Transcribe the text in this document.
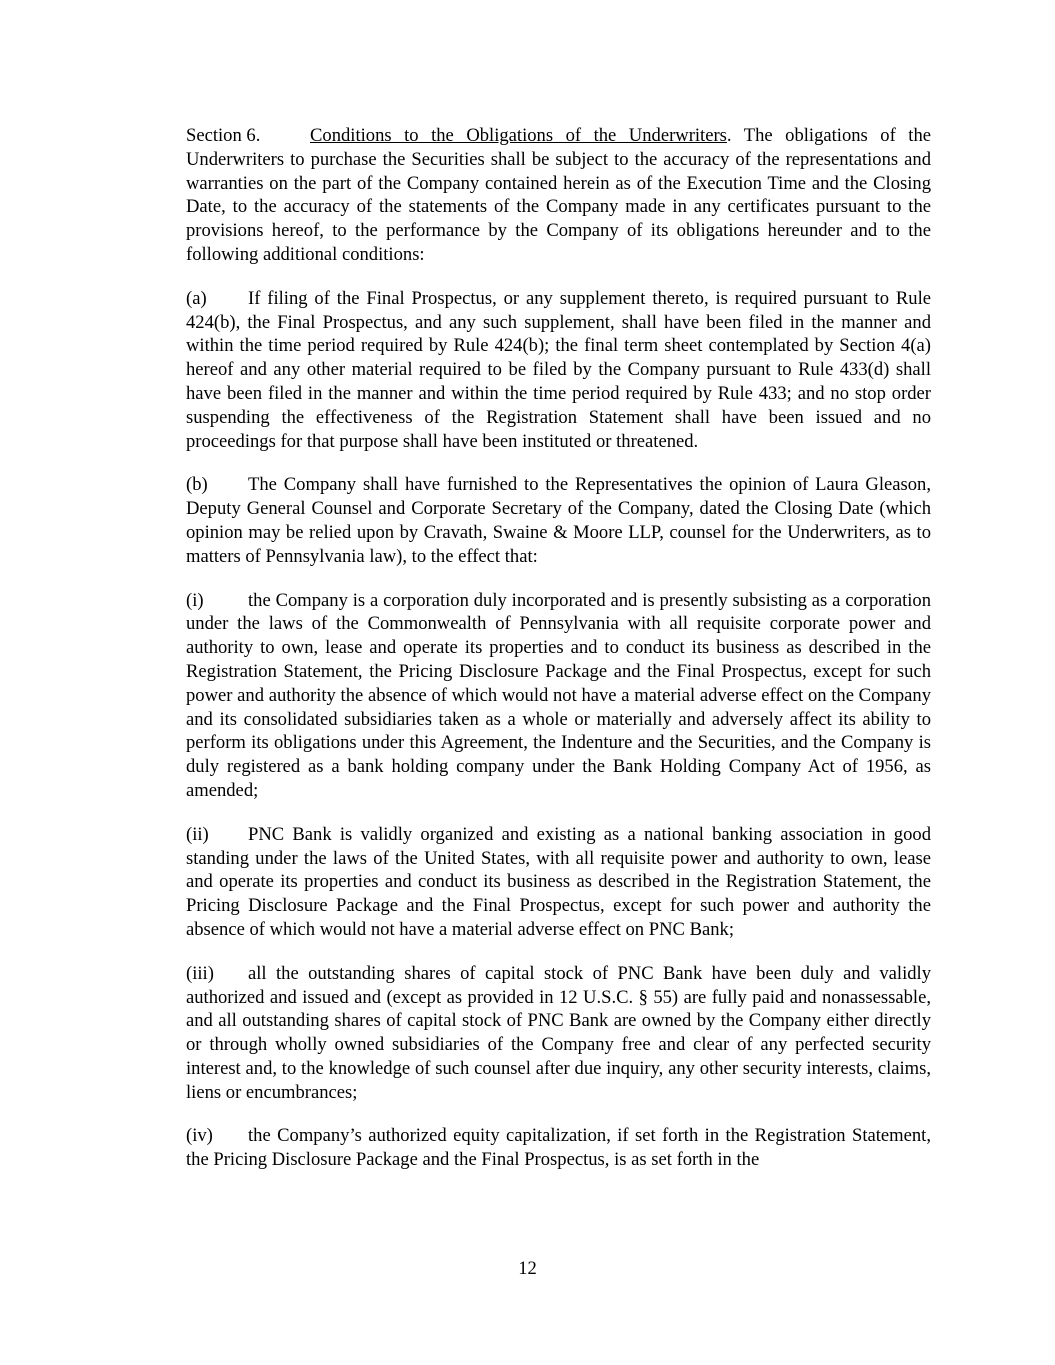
Section 6.	Conditions to the Obligations of the Underwriters. The obligations of the Underwriters to purchase the Securities shall be subject to the accuracy of the representations and warranties on the part of the Company contained herein as of the Execution Time and the Closing Date, to the accuracy of the statements of the Company made in any certificates pursuant to the provisions hereof, to the performance by the Company of its obligations hereunder and to the following additional conditions:

(a) If filing of the Final Prospectus, or any supplement thereto, is required pursuant to Rule 424(b), the Final Prospectus, and any such supplement, shall have been filed in the manner and within the time period required by Rule 424(b); the final term sheet contemplated by Section 4(a) hereof and any other material required to be filed by the Company pursuant to Rule 433(d) shall have been filed in the manner and within the time period required by Rule 433; and no stop order suspending the effectiveness of the Registration Statement shall have been issued and no proceedings for that purpose shall have been instituted or threatened.

(b) The Company shall have furnished to the Representatives the opinion of Laura Gleason, Deputy General Counsel and Corporate Secretary of the Company, dated the Closing Date (which opinion may be relied upon by Cravath, Swaine & Moore LLP, counsel for the Underwriters, as to matters of Pennsylvania law), to the effect that:

(i) the Company is a corporation duly incorporated and is presently subsisting as a corporation under the laws of the Commonwealth of Pennsylvania with all requisite corporate power and authority to own, lease and operate its properties and to conduct its business as described in the Registration Statement, the Pricing Disclosure Package and the Final Prospectus, except for such power and authority the absence of which would not have a material adverse effect on the Company and its consolidated subsidiaries taken as a whole or materially and adversely affect its ability to perform its obligations under this Agreement, the Indenture and the Securities, and the Company is duly registered as a bank holding company under the Bank Holding Company Act of 1956, as amended;

(ii) PNC Bank is validly organized and existing as a national banking association in good standing under the laws of the United States, with all requisite power and authority to own, lease and operate its properties and conduct its business as described in the Registration Statement, the Pricing Disclosure Package and the Final Prospectus, except for such power and authority the absence of which would not have a material adverse effect on PNC Bank;

(iii) all the outstanding shares of capital stock of PNC Bank have been duly and validly authorized and issued and (except as provided in 12 U.S.C. § 55) are fully paid and nonassessable, and all outstanding shares of capital stock of PNC Bank are owned by the Company either directly or through wholly owned subsidiaries of the Company free and clear of any perfected security interest and, to the knowledge of such counsel after due inquiry, any other security interests, claims, liens or encumbrances;

(iv) the Company’s authorized equity capitalization, if set forth in the Registration Statement, the Pricing Disclosure Package and the Final Prospectus, is as set forth in the

12
